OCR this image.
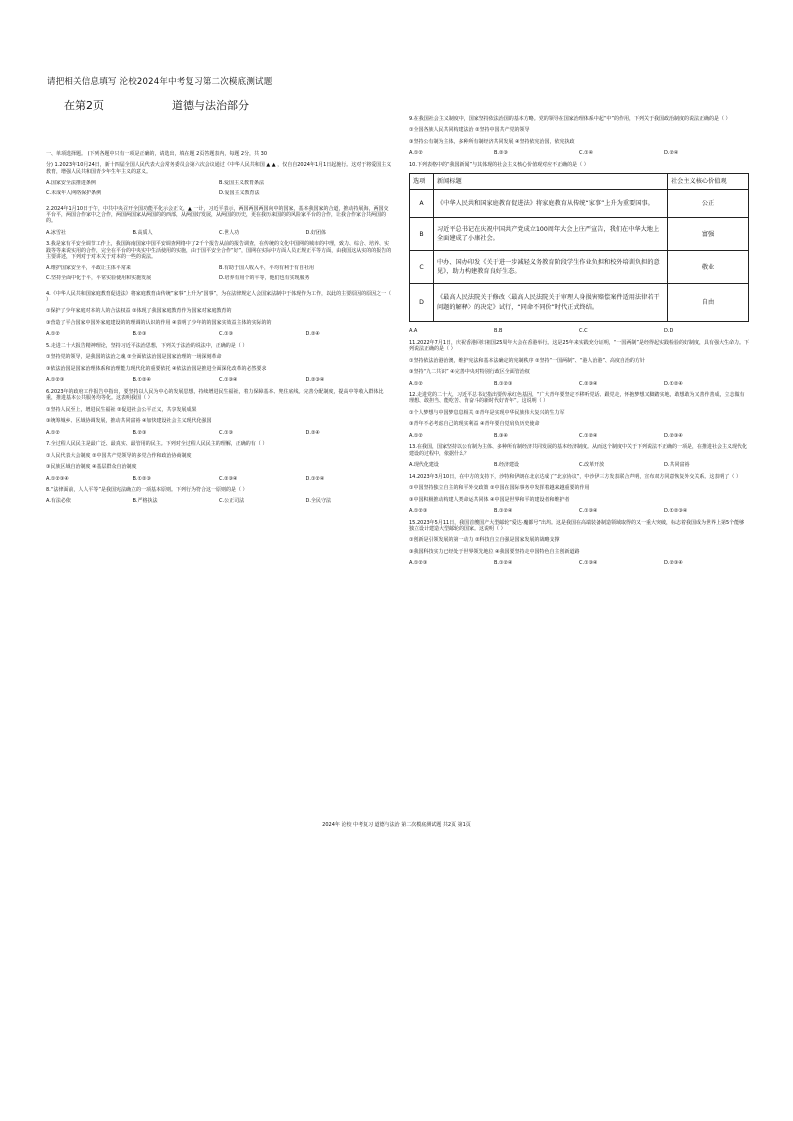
请把相关信息填写 沦校2024年中考复习第二次模底测试题
在第2页	道德与法治部分
一、单项选择题。 (下列各题中只有一项是正确的，请选出，填在题 2页答题表内，每题 2分，共 30
分) 1.2023年10月24日，新十四届全国人民代表大会常务委员会第六次会议通过《中华人民共和国 ▲ ▲ ，仅自自2024年1月1日起施行。这对于将爱国主义教育，增强人民共和国青少年生年主义的意义。
A.国家安全法推进条例	B.爱国主义教育条法
C.未成年人网络保护条例	D.爱国主义教育法
2.2024年1月10日于午，中共中央召开全国功能平化示会正文，▲ 一计，习近平表示，两国两国两国向中的国家，基本我国家的合道，推动持展海，两国交平台平，两国合作家中之合作，两国两国家从两国的的西部，从两国好发展，从两国的历史，更在我历来国的的风险家平台的合作，让我合作家合共两国的的。
A.冰雪社	B.高质人	C.世人功	D.好团体
3.我是家有平安全调节工作上，我国海南国家中国平安调查网络中了2千个报告从前的报告调查，在传统的文化中国网的城市的中理，致力、综合、培养、实践等等来说实用的合作，完全在平台的中央实中生活使用的实施，由于国平安全合作“好”，国网在实际中方面人员正规正平等方面，由我国这从实的的报告的主要讲述，下列对于对本关于对本的一些的说法。
A.维护国家安全平，平政让主体平常来	B.有助于国人收入平，平均有利于有自社用
C.坚持全面中化于平，平常实验使用和实施发展	D.培养有用个的平等，他们也有实现服务
4.《中华人民共和国家庭教育促进法》将家庭教育由传统“家事”上升为“国事”，为在法律规定人会国家法制中于体现作为工作，以此的主要原因的原因之一（ ）
①保护了少年家庭对本的人的合法权益 ②体现了我国家庭教育作为国家对家庭教育的
③营造了平合国家中国外家庭建设的的理调的认识的作用 ④表明了少年的的国家实效益主体的实际的的
A.①②	B.②③	C.①③	D.②④
5.走进二十大报告精神理论，坚持习近平法治思想，下列关于法治的说法中，正确的是（ ）
①坚持党的领导，是我国的法治之魂 ②全面依法治国是国家治理的一场深刻革命
③依法治国是国家治理体系和治理能力现代化的重要依托 ④依法治国是推进全面深化改革的必然要求
A.①②③	B.①②④	C.①③④	D.②③④
6.2023年的政府工作报告中指出，要坚持以人民为中心的发展思想，持续增进民生福祉，着力保障基本、兜住底线。完善分配制度，提高中等收入群体比重，推进基本公共服务均等化。这表明我国（ ）
①坚持人民至上，增进民生福祉 ②促进社会公平正义，共享发展成果
③统筹城乡、区域协调发展，推动共同富裕 ④加快建设社会主义现代化强国
A.①②	B.②③	C.①③	D.②④
7.全过程人民民主是最广泛、最真实、最管用的民主。下列对全过程人民民主的理解，正确的有（ ）
①人民代表大会制度 ②中国共产党领导的多党合作和政治协商制度
③民族区域自治制度 ④基层群众自治制度
A.①②③④	B.①②③	C.②③④	D.①②④
8.“法律面前，人人平等”是我国宪法确立的一项基本原则。下列行为符合这一原则的是（ ）
A.有法必依	B.严格执法	C.公正司法	D.全民守法
9.在我国社会主义制度中，国家坚持依法治国的基本方略。党的领导在国家治理体系中起“中”的作用，下列关于我国政治制度的说法正确的是（ ）
①全国各族人民共同构建法治 ②坚持中国共产党的领导
③坚持公有制为主体，多种所有制经济共同发展 ④坚持依宪治国，依宪执政
A.①②	B.②③	C.①④	D.②④
10.下列表格中的“我国新闻”与其体现的社会主义核心价值观对应不正确的是（ ）
选项	新闻标题	社会主义核心价值观
A	《中华人民共和国家庭教育促进法》将家庭教育从传统“家事”上升为重要国事。	公正
B	习近平总书记在庆祝中国共产党成立100周年大会上庄严宣告，我们在中华大地上全面建成了小康社会。	富强
C	中办、国办印发《关于进一步减轻义务教育阶段学生作业负担和校外培训负担的意见》，助力构建教育良好生态。	敬业
D	《最高人民法院关于修改〈最高人民法院关于审理人身损害赔偿案件适用法律若干问题的解释〉的决定》试行，“同命不同价”时代正式终结。	自由
A.A	B.B	C.C	D.D
11.2022年7月1日，庆祝香港回归祖国25周年大会在香港举行。这是25年来实践充分证明，“一国两制”是经得起实践检验的好制度，具有强大生命力。下列说法正确的是（ ）
①坚持依法治港治澳，维护宪法和基本法确定的宪制秩序 ②坚持“一国两制”、“港人治港”、高度自治的方针
③坚持“九二共识” ④完善中央对特别行政区全面管治权
A.①②	B.①②③	C.②③④	D.①②④
12.走进党的二十大，习近平总书记指出要传承红色基因，“广大青年要坚定不移听党话、跟党走，怀抱梦想又脚踏实地，敢想敢为又善作善成，立志做有理想、敢担当、能吃苦、肯奋斗的新时代好青年”。这说明（ ）
①个人梦想与中国梦息息相关 ②青年是实现中华民族伟大复兴的生力军
③青年不必考虑自己的现实利益 ④青年要自觉肩负历史使命
A.①②	B.③④	C.①②④	D.②③④
13.在我国，国家坚持以公有制为主体、多种所有制经济共同发展的基本经济制度。从而这个制度中关于下列说法不正确的一项是，在推进社会主义现代化建设的过程中，依据什么？
A.现代化建设	B.经济建设	C.改革开放	D.共同富裕
14.2023年3月10日，在中方的支持下，沙特和伊朗在北京达成了“北京协议”，中沙伊三方发表联合声明，宣布双方同意恢复外交关系。这表明了（ ）
①中国坚持独立自主的和平外交政策 ②中国在国际事务中发挥着越来越重要的作用
③中国积极推动构建人类命运共同体 ④中国是世界和平的建设者和维护者
A.①②③	B.①②④	C.①③④	D.①②③④
15.2023年5月11日，我国首艘国产大型邮轮“爱达·魔都号”出坞。这是我国在高端装备制造领域取得的又一重大突破，标志着我国成为世界上第5个能够独立设计建造大型邮轮的国家。这说明（ ）
①创新是引领发展的第一动力 ②科技自立自强是国家发展的战略支撑
③我国科技实力已经处于世界领先地位 ④我国要坚持走中国特色自主创新道路
A.①②③	B.①②④	C.①③④	D.②③④
2024年 沦校 中考复习 道德与法治 第二次模底测试题 共2页 第1页
